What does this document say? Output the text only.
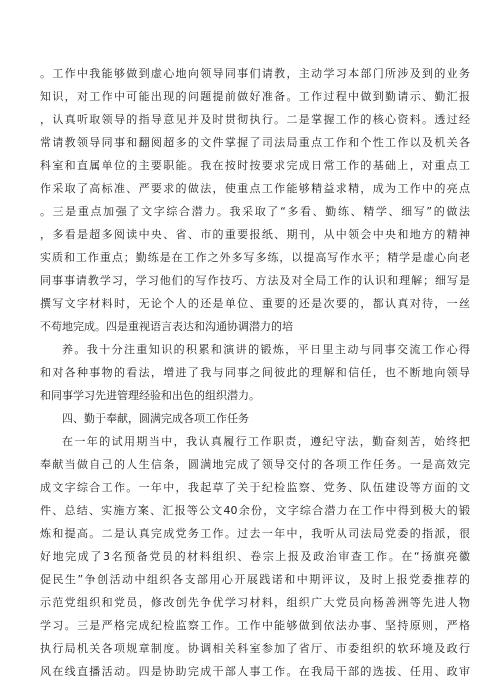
。工作中我能够做到虚心地向领导同事们请教，主动学习本部门所涉及到的业务
知识，对工作中可能出现的问题提前做好准备。工作过程中做到勤请示、勤汇报
，认真听取领导的指导意见并及时贯彻执行。二是掌握工作的核心资料。透过经
常请教领导同事和翻阅超多的文件掌握了司法局重点工作和个性工作以及机关各
科室和直属单位的主要职能。我在按时按要求完成日常工作的基础上，对重点工
作采取了高标准、严要求的做法，使重点工作能够精益求精，成为工作中的亮点
。三是重点加强了文字综合潜力。我采取了“多看、勤练、精学、细写”的做法
，多看是超多阅读中央、省、市的重要报纸、期刊，从中领会中央和地方的精神
实质和工作重点；勤练是在工作之外多写多练，以提高写作水平；精学是虚心向老
同事事请教学习，学习他们的写作技巧、方法及对全局工作的认识和理解；细写是
撰写文字材料时，无论个人的还是单位、重要的还是次要的，都认真对待，一丝
不苟地完成。四是重视语言表达和沟通协调潜力的培
养。我十分注重知识的积累和演讲的锻炼，平日里主动与同事交流工作心得
和对各种事物的看法，增进了我与同事之间彼此的理解和信任，也不断地向领导
和同事学习先进管理经验和出色的组织潜力。
四、勤于奉献，圆满完成各项工作任务
在一年的试用期当中，我认真履行工作职责，遵纪守法，勤奋刻苦，始终把
奉献当做自己的人生信条，圆满地完成了领导交付的各项工作任务。一是高效完
成文字综合工作。一年中，我起草了关于纪检监察、党务、队伍建设等方面的文
件、总结、实施方案、汇报等公文40余份，文字综合潜力在工作中得到极大的锻
炼和提高。二是认真完成党务工作。过去一年中，我听从司法局党委的指派，很
好地完成了3名预备党员的材料组织、卷宗上报及政治审查工作。在“扬旗亮徽
促民生”争创活动中组织各支部用心开展践诺和中期评议，及时上报党委推荐的
示范党组织和党员，修改创先争优学习材料，组织广大党员向杨善洲等先进人物
学习。三是严格完成纪检监察工作。工作中能够做到依法办事、坚持原则，严格
执行局机关各项规章制度。协调相关科室参加了省厅、市委组织的软环境及政行
风在线直播活动。四是协助完成干部人事工作。在我局干部的选拔、任用、政审
